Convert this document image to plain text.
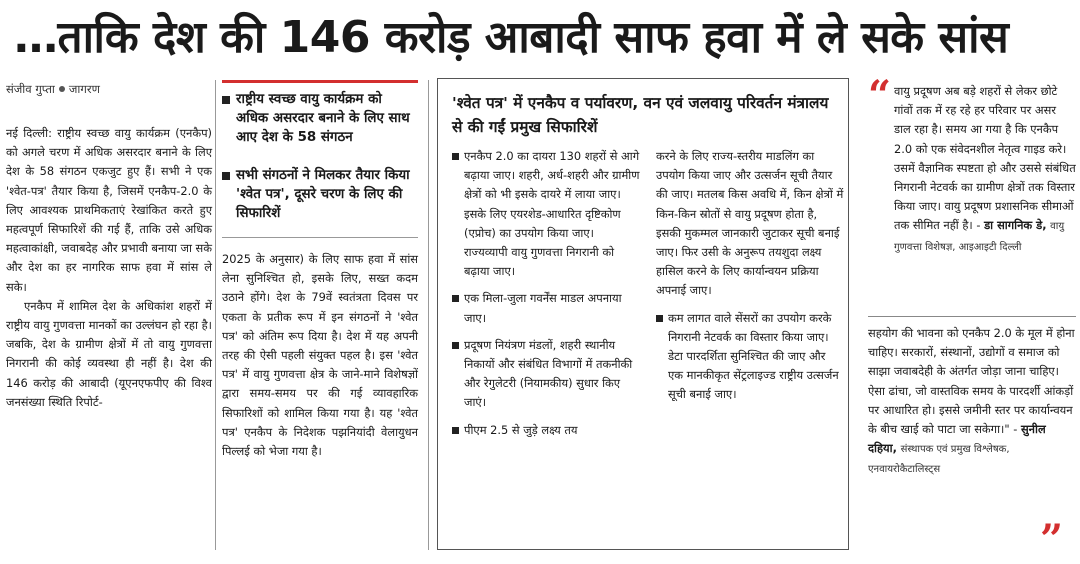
…ताकि देश की 146 करोड़ आबादी साफ हवा में ले सके सांस
संजीव गुप्ता जागरण

नई दिल्ली: राष्ट्रीय स्वच्छ वायु कार्यक्रम (एनकैप) को अगले चरण में अधिक असरदार बनाने के लिए देश के 58 संगठन एकजुट हुए हैं। सभी ने एक 'श्वेत-पत्र' तैयार किया है, जिसमें एनकैप-2.0 के लिए आवश्यक प्राथमिकताएं रेखांकित करते हुए महत्वपूर्ण सिफारिशें की गई हैं, ताकि उसे अधिक महत्वाकांक्षी, जवाबदेह और प्रभावी बनाया जा सके और देश का हर नागरिक साफ हवा में सांस ले सके।

एनकैप में शामिल देश के अधिकांश शहरों में राष्ट्रीय वायु गुणवत्ता मानकों का उल्लंघन हो रहा है। जबकि, देश के ग्रामीण क्षेत्रों में तो वायु गुणवत्ता निगरानी की कोई व्यवस्था ही नहीं है। देश की 146 करोड़ की आबादी (यूएनएफपीए की विश्व जनसंख्या स्थिति रिपोर्ट-

राष्ट्रीय स्वच्छ वायु कार्यक्रम को अधिक असरदार बनाने के लिए साथ आए देश के 58 संगठन
सभी संगठनों ने मिलकर तैयार किया 'श्वेत पत्र', दूसरे चरण के लिए की सिफारिशें

2025 के अनुसार) के लिए साफ हवा में सांस लेना सुनिश्चित हो, इसके लिए, सख्त कदम उठाने होंगे। देश के 79वें स्वतंत्रता दिवस पर एकता के प्रतीक रूप में इन संगठनों ने 'श्वेत पत्र' को अंतिम रूप दिया है। देश में यह अपनी तरह की ऐसी पहली संयुक्त पहल है। इस 'श्वेत पत्र' में वायु गुणवत्ता क्षेत्र के जाने-माने विशेषज्ञों द्वारा समय-समय पर की गई व्यावहारिक सिफारिशों को शामिल किया गया है। यह 'श्वेत पत्र' एनकैप के निदेशक पझनियांदी वेलायुधन पिल्लई को भेजा गया है।

'श्वेत पत्र' में एनकैप व पर्यावरण, वन एवं जलवायु परिवर्तन मंत्रालय से की गईं प्रमुख सिफारिशें
एनकैप 2.0 का दायरा 130 शहरों से आगे बढ़ाया जाए। शहरी, अर्ध-शहरी और ग्रामीण क्षेत्रों को भी इसके दायरे में लाया जाए। इसके लिए एयरशेड-आधारित दृष्टिकोण (एप्रोच) का उपयोग किया जाए। राज्यव्यापी वायु गुणवत्ता निगरानी को बढ़ाया जाए।
एक मिला-जुला गवर्नेंस माडल अपनाया जाए।
प्रदूषण नियंत्रण मंडलों, शहरी स्थानीय निकायों और संबंधित विभागों में तकनीकी और रेगुलेटरी (नियामकीय) सुधार किए जाएं।
पीएम 2.5 से जुड़े लक्ष्य तय
करने के लिए राज्य-स्तरीय माडलिंग का उपयोग किया जाए और उत्सर्जन सूची तैयार की जाए। मतलब किस अवधि में, किन क्षेत्रों में किन-किन स्रोतों से वायु प्रदूषण होता है, इसकी मुकम्मल जानकारी जुटाकर सूची बनाई जाए। फिर उसी के अनुरूप तयशुदा लक्ष्य हासिल करने के लिए कार्यान्वयन प्रक्रिया अपनाई जाए।
कम लागत वाले सेंसरों का उपयोग करके निगरानी नेटवर्क का विस्तार किया जाए। डेटा पारदर्शिता सुनिश्चित की जाए और एक मानकीकृत सेंट्रलाइज्ड राष्ट्रीय उत्सर्जन सूची बनाई जाए।
“ वायु प्रदूषण अब बड़े शहरों से लेकर छोटे गांवों तक में रह रहे हर परिवार पर असर डाल रहा है। समय आ गया है कि एनकैप 2.0 को एक संवेदनशील नेतृत्व गाइड करे। उसमें वैज्ञानिक स्पष्टता हो और उससे संबंधित निगरानी नेटवर्क का ग्रामीण क्षेत्रों तक विस्तार किया जाए। वायु प्रदूषण प्रशासनिक सीमाओं तक सीमित नहीं है। - डा सागनिक डे, वायु गुणवत्ता विशेषज्ञ, आइआइटी दिल्ली
सहयोग की भावना को एनकैप 2.0 के मूल में होना चाहिए। सरकारों, संस्थानों, उद्योगों व समाज को साझा जवाबदेही के अंतर्गत जोड़ा जाना चाहिए। ऐसा ढांचा, जो वास्तविक समय के पारदर्शी आंकड़ों पर आधारित हो। इससे जमीनी स्तर पर कार्यान्वयन के बीच खाई को पाटा जा सकेगा।" - सुनील दहिया, संस्थापक एवं प्रमुख विश्लेषक, एनवायरोकैटालिस्ट्स
”
